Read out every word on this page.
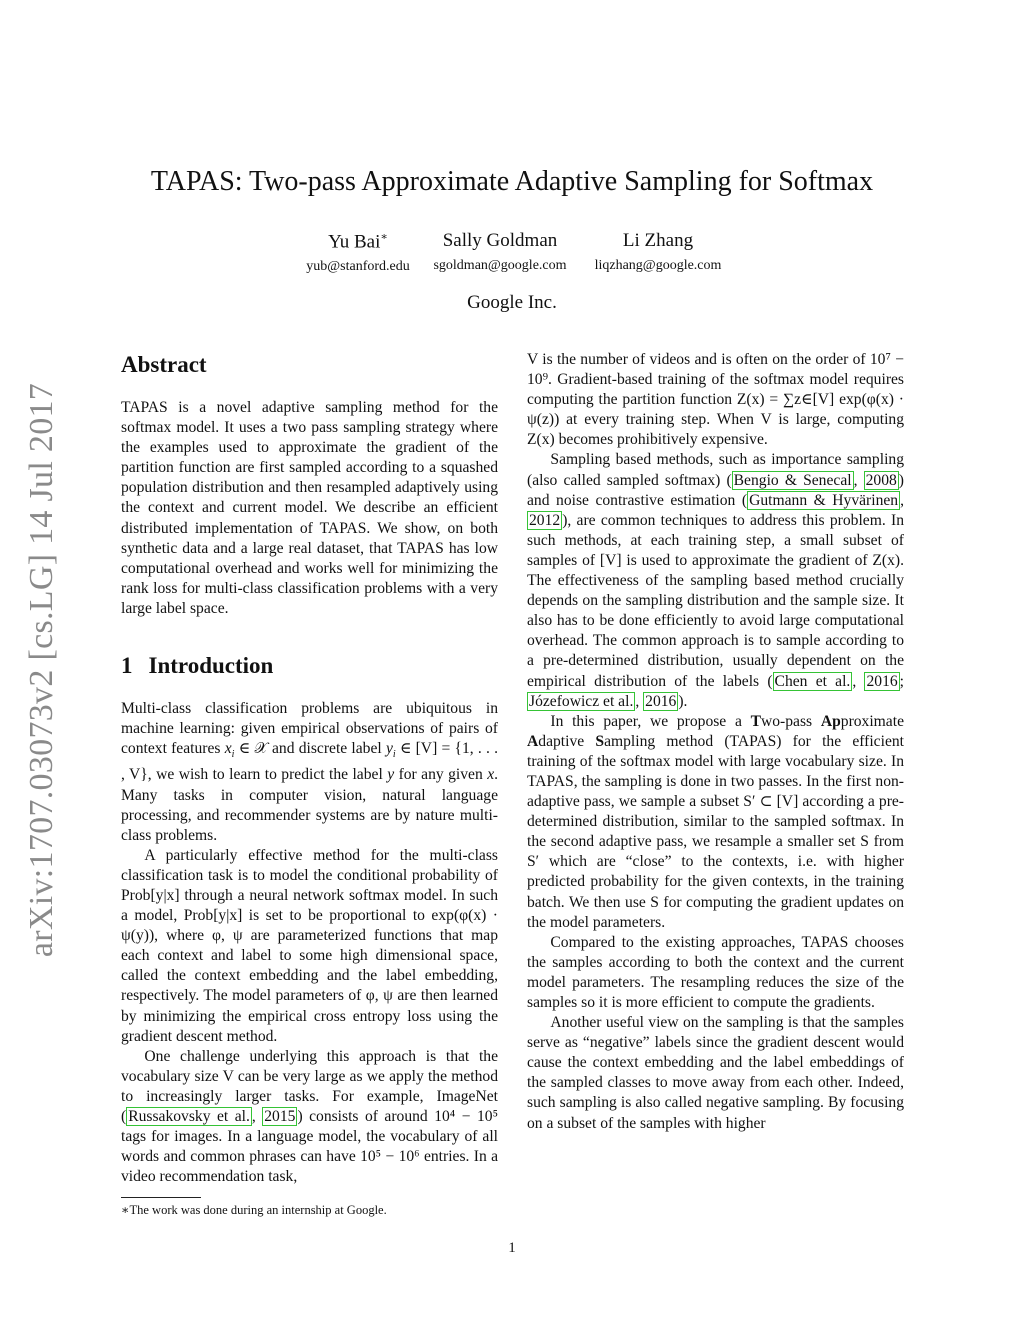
arXiv:1707.03073v2 [cs.LG] 14 Jul 2017
TAPAS: Two-pass Approximate Adaptive Sampling for Softmax
Yu Bai∗
yub@stanford.edu
Sally Goldman
sgoldman@google.com
Li Zhang
liqzhang@google.com
Google Inc.
Abstract

TAPAS is a novel adaptive sampling method for the softmax model. It uses a two pass sampling strategy where the examples used to approximate the gradient of the partition function are first sampled according to a squashed population distribution and then resampled adaptively using the context and current model. We describe an efficient distributed implementation of TAPAS. We show, on both synthetic data and a large real dataset, that TAPAS has low computational overhead and works well for minimizing the rank loss for multi-class classification problems with a very large label space.

1 Introduction

Multi-class classification problems are ubiquitous in machine learning: given empirical observations of pairs of context features $x_i$ ∈ 𝒳 and discrete label $y_i$ ∈ [V] = {1, . . . , V}, we wish to learn to predict the label y for any given x. Many tasks in computer vision, natural language processing, and recommender systems are by nature multi-class problems.

A particularly effective method for the multi-class classification task is to model the conditional probability of Prob[y|x] through a neural network softmax model. In such a model, Prob[y|x] is set to be proportional to exp(φ(x) · ψ(y)), where φ, ψ are parameterized functions that map each context and label to some high dimensional space, called the context embedding and the label embedding, respectively. The model parameters of φ, ψ are then learned by minimizing the empirical cross entropy loss using the gradient descent method.

One challenge underlying this approach is that the vocabulary size V can be very large as we apply the method to increasingly larger tasks. For example, ImageNet ( Russakovsky et al. , 2015 ) consists of around 10⁴ − 10⁵ tags for images. In a language model, the vocabulary of all words and common phrases can have 10⁵ − 10⁶ entries. In a video recommendation task,

∗The work was done during an internship at Google.

V is the number of videos and is often on the order of 10⁷ − 10⁹. Gradient-based training of the softmax model requires computing the partition function Z(x) = ∑z∈[V] exp(φ(x) · ψ(z)) at every training step. When V is large, computing Z(x) becomes prohibitively expensive.

Sampling based methods, such as importance sampling (also called sampled softmax) ( Bengio & Senecal , 2008 ) and noise contrastive estimation ( Gutmann & Hyvärinen , 2012 ), are common techniques to address this problem. In such methods, at each training step, a small subset of samples of [V] is used to approximate the gradient of Z(x). The effectiveness of the sampling based method crucially depends on the sampling distribution and the sample size. It also has to be done efficiently to avoid large computational overhead. The common approach is to sample according to a pre-determined distribution, usually dependent on the empirical distribution of the labels ( Chen et al. , 2016 ; Józefowicz et al. , 2016 ).

In this paper, we propose a Two-pass Approximate Adaptive Sampling method (TAPAS) for the efficient training of the softmax model with large vocabulary size. In TAPAS, the sampling is done in two passes. In the first non-adaptive pass, we sample a subset S′ ⊂ [V] according a pre-determined distribution, similar to the sampled softmax. In the second adaptive pass, we resample a smaller set S from S′ which are “close” to the contexts, i.e. with higher predicted probability for the given contexts, in the training batch. We then use S for computing the gradient updates on the model parameters.

Compared to the existing approaches, TAPAS chooses the samples according to both the context and the current model parameters. The resampling reduces the size of the samples so it is more efficient to compute the gradients.

Another useful view on the sampling is that the samples serve as “negative” labels since the gradient descent would cause the context embedding and the label embeddings of the sampled classes to move away from each other. Indeed, such sampling is also called negative sampling. By focusing on a subset of the samples with higher

1
